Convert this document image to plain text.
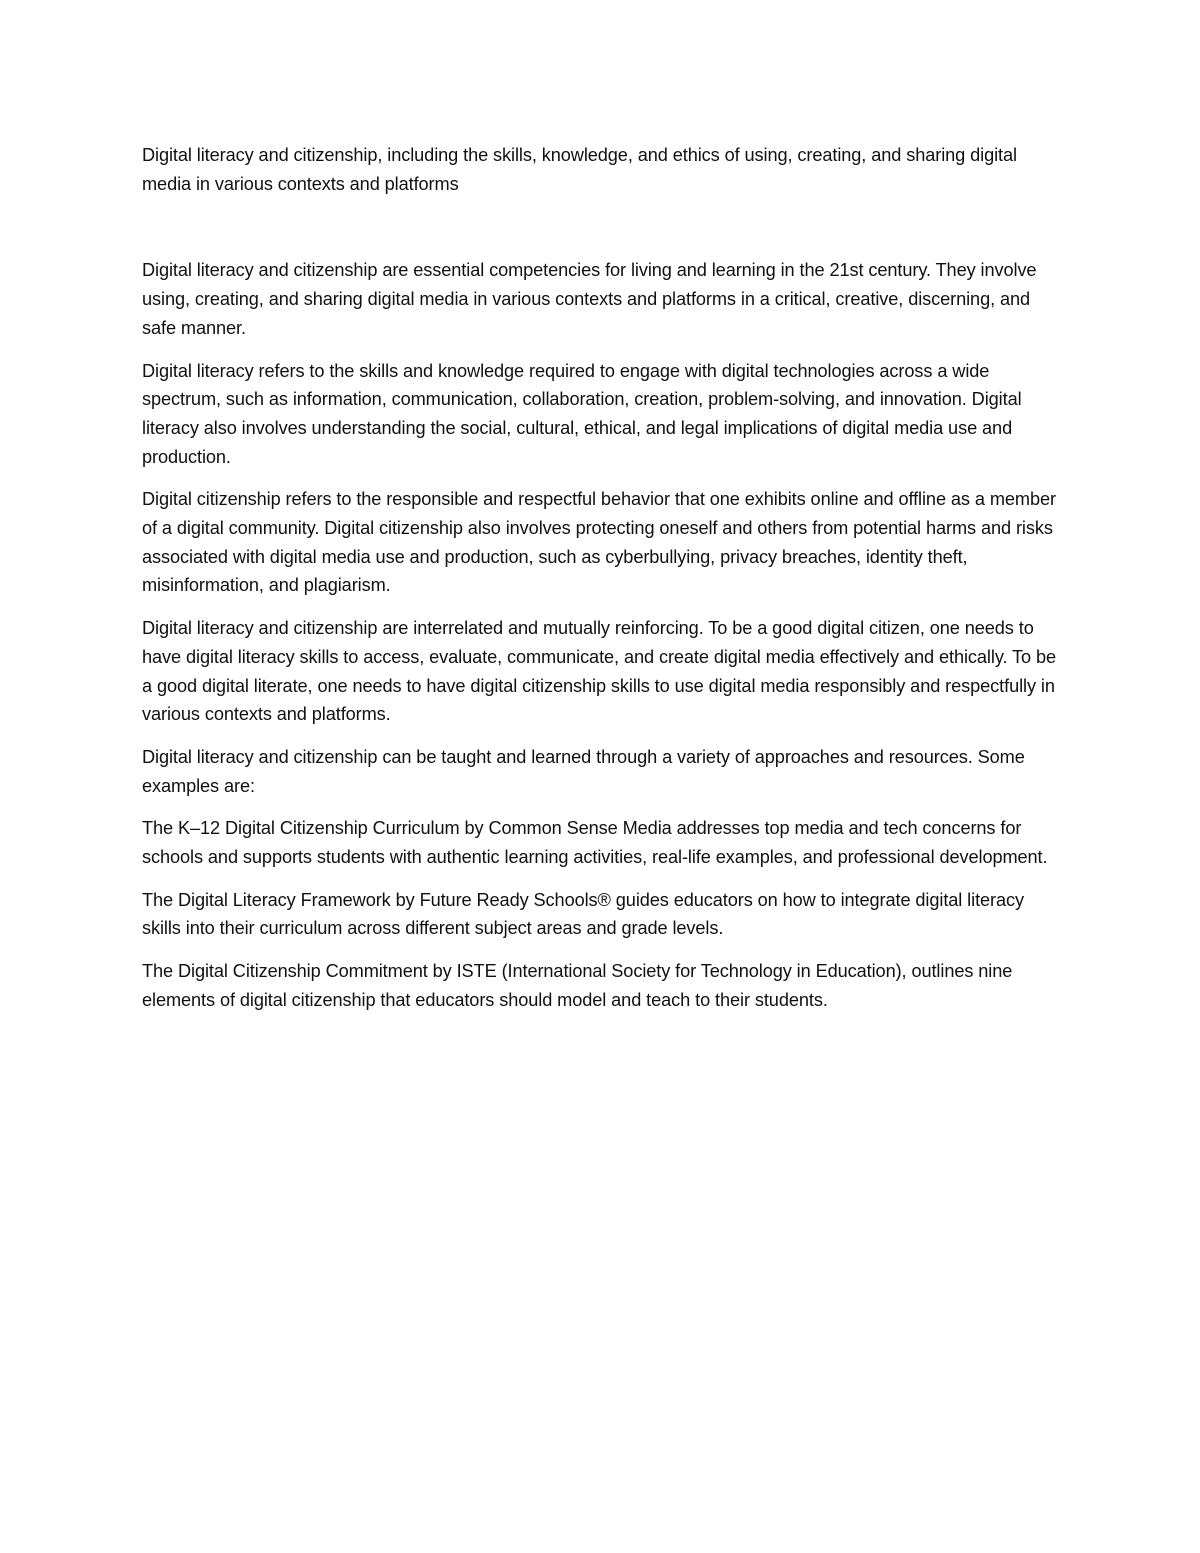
Digital literacy and citizenship, including the skills, knowledge, and ethics of using, creating, and sharing digital media in various contexts and platforms

Digital literacy and citizenship are essential competencies for living and learning in the 21st century. They involve using, creating, and sharing digital media in various contexts and platforms in a critical, creative, discerning, and safe manner.

Digital literacy refers to the skills and knowledge required to engage with digital technologies across a wide spectrum, such as information, communication, collaboration, creation, problem-solving, and innovation. Digital literacy also involves understanding the social, cultural, ethical, and legal implications of digital media use and production.

Digital citizenship refers to the responsible and respectful behavior that one exhibits online and offline as a member of a digital community. Digital citizenship also involves protecting oneself and others from potential harms and risks associated with digital media use and production, such as cyberbullying, privacy breaches, identity theft, misinformation, and plagiarism.

Digital literacy and citizenship are interrelated and mutually reinforcing. To be a good digital citizen, one needs to have digital literacy skills to access, evaluate, communicate, and create digital media effectively and ethically. To be a good digital literate, one needs to have digital citizenship skills to use digital media responsibly and respectfully in various contexts and platforms.

Digital literacy and citizenship can be taught and learned through a variety of approaches and resources. Some examples are:

The K–12 Digital Citizenship Curriculum by Common Sense Media addresses top media and tech concerns for schools and supports students with authentic learning activities, real-life examples, and professional development.

The Digital Literacy Framework by Future Ready Schools® guides educators on how to integrate digital literacy skills into their curriculum across different subject areas and grade levels.

The Digital Citizenship Commitment by ISTE (International Society for Technology in Education), outlines nine elements of digital citizenship that educators should model and teach to their students.
